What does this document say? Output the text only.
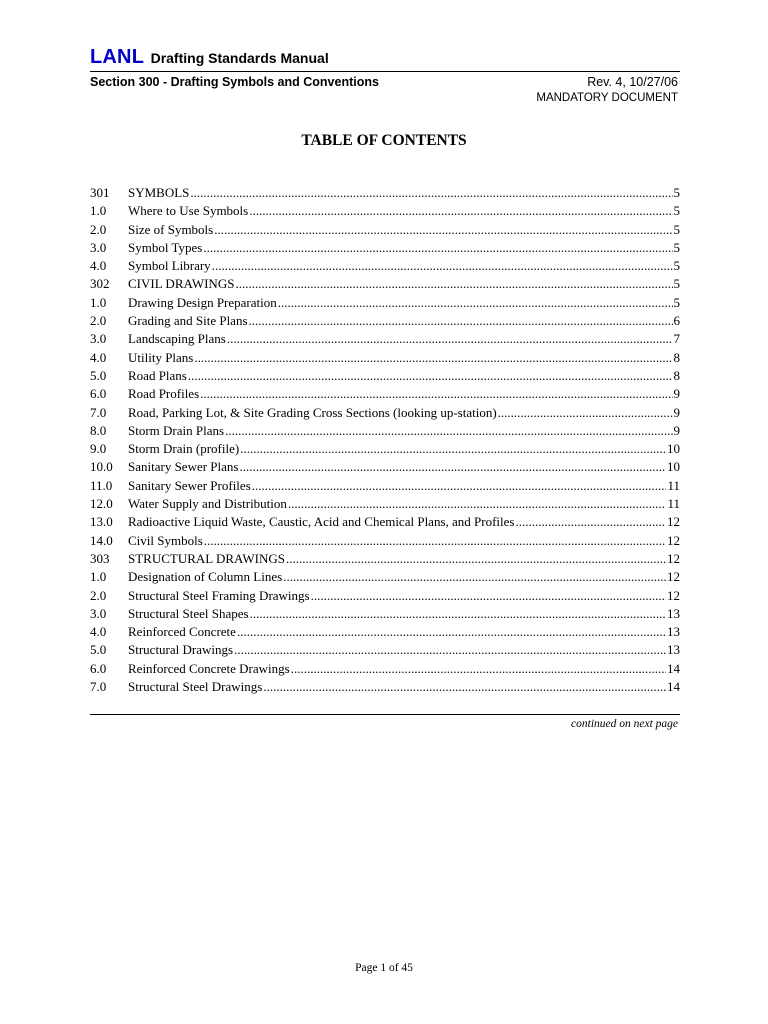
LANL Drafting Standards Manual
Section 300 - Drafting Symbols and Conventions	Rev. 4, 10/27/06
MANDATORY DOCUMENT
TABLE OF CONTENTS
301	SYMBOLS .....	5
1.0	Where to Use Symbols .....	5
2.0	Size of Symbols .....	5
3.0	Symbol Types .....	5
4.0	Symbol Library .....	5
302	CIVIL DRAWINGS .....	5
1.0	Drawing Design Preparation .....	5
2.0	Grading and Site Plans .....	6
3.0	Landscaping Plans .....	7
4.0	Utility Plans .....	8
5.0	Road Plans .....	8
6.0	Road Profiles .....	9
7.0	Road, Parking Lot, & Site Grading Cross Sections (looking up-station) .....	9
8.0	Storm Drain Plans .....	9
9.0	Storm Drain (profile) .....	10
10.0	Sanitary Sewer Plans .....	10
11.0	Sanitary Sewer Profiles .....	11
12.0	Water Supply and Distribution .....	11
13.0	Radioactive Liquid Waste, Caustic, Acid and Chemical Plans, and Profiles .....	12
14.0	Civil Symbols .....	12
303	STRUCTURAL DRAWINGS .....	12
1.0	Designation of Column Lines .....	12
2.0	Structural Steel Framing Drawings .....	12
3.0	Structural Steel Shapes .....	13
4.0	Reinforced Concrete .....	13
5.0	Structural Drawings .....	13
6.0	Reinforced Concrete Drawings .....	14
7.0	Structural Steel Drawings .....	14
continued on next page
Page 1 of 45
